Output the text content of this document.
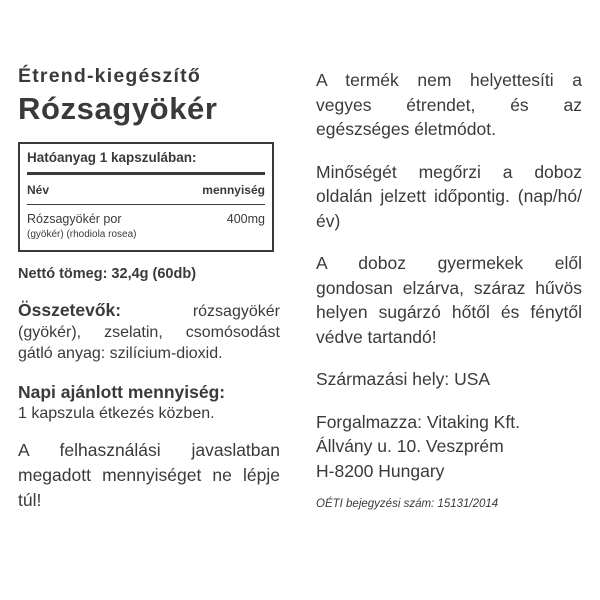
Étrend-kiegészítő
Rózsagyökér
Hatóanyag 1 kapszulában:
Név	mennyiség
Rózsagyökér por	400mg
(gyökér) (rhodiola rosea)
Nettó tömeg: 32,4g (60db)
Összetevők:	rózsagyökér (gyökér), zselatin, csomósodást gátló anyag: szilícium-dioxid.
Napi ajánlott mennyiség:
1 kapszula étkezés közben.
A felhasználási javaslatban megadott mennyiséget ne lépje túl!
A termék nem helyettesíti a vegyes étrendet, és az egészséges életmódot.
Minőségét megőrzi a doboz oldalán jelzett időpontig. (nap/hó/év)
A doboz gyermekek elől gondosan elzárva, száraz hűvös helyen sugárzó hőtől és fénytől védve tartandó!
Származási hely: USA
Forgalmazza: Vitaking Kft.
Állvány u. 10. Veszprém
H-8200 Hungary
OÉTI bejegyzési szám: 15131/2014
